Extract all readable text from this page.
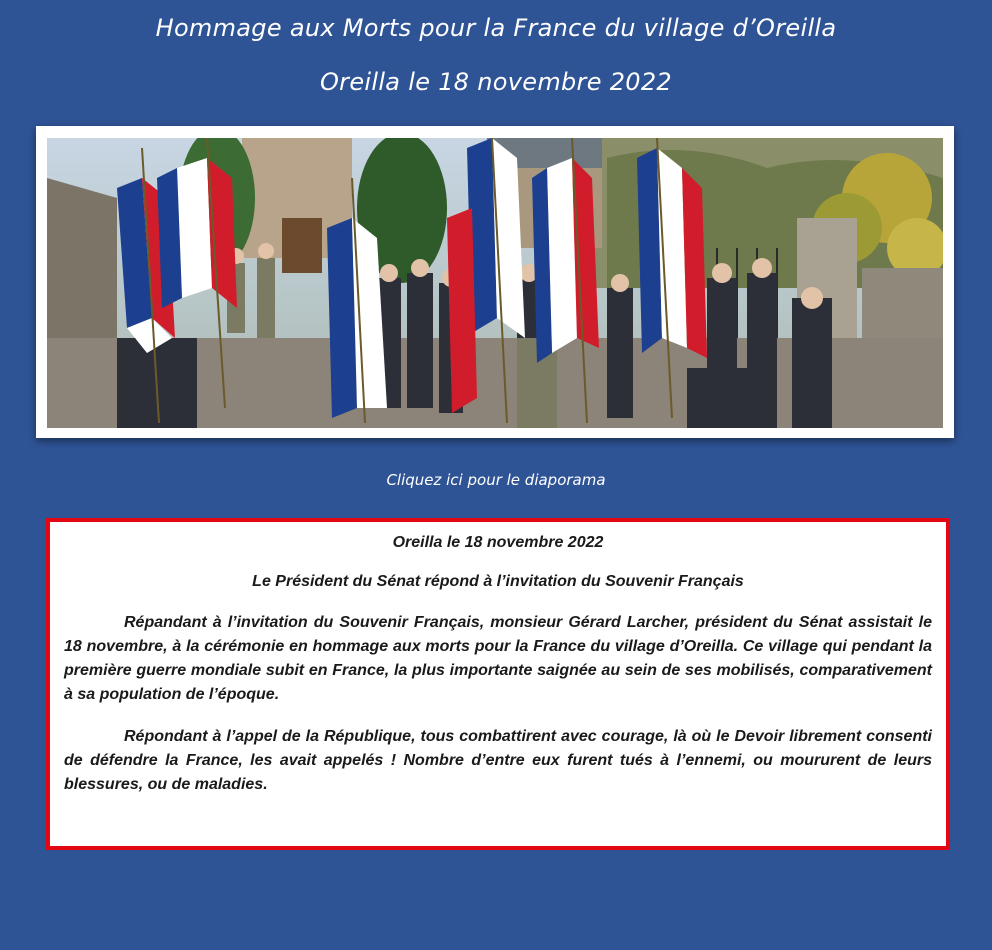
Hommage aux Morts pour la France du village d’Oreilla
Oreilla le 18 novembre 2022
Cliquez ici pour le diaporama

Oreilla le 18 novembre 2022

Le Président du Sénat répond à l’invitation du Souvenir Français

Répandant à l’invitation du Souvenir Français, monsieur Gérard Larcher, président du Sénat assistait le 18 novembre, à la cérémonie en hommage aux morts pour la France du village d’Oreilla. Ce village qui pendant la première guerre mondiale subit en France, la plus importante saignée au sein de ses mobilisés, comparativement à sa population de l’époque.

Répondant à l’appel de la République, tous combattirent avec courage, là où le Devoir librement consenti de défendre la France, les avait appelés ! Nombre d’entre eux furent tués à l’ennemi, ou moururent de leurs blessures, ou de maladies.
